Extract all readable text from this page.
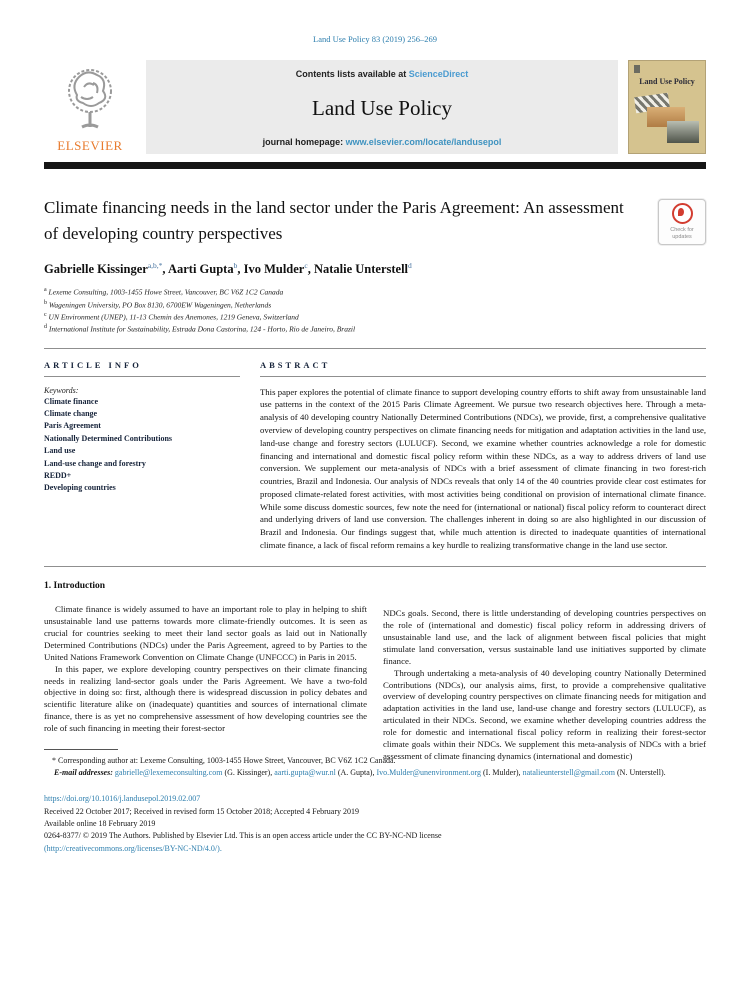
Land Use Policy 83 (2019) 256–269
ELSEVIER
Contents lists available at ScienceDirect
Land Use Policy
journal homepage: www.elsevier.com/locate/landusepol
Land Use Policy
Climate financing needs in the land sector under the Paris Agreement: An assessment of developing country perspectives	Check for updates
Gabrielle Kissinger$^{a,b,*}$, Aarti Gupta$^b$, Ivo Mulder$^c$, Natalie Unterstell$^d$
$^a$ Lexeme Consulting, 1003-1455 Howe Street, Vancouver, BC V6Z 1C2 Canada
$^b$ Wageningen University, PO Box 8130, 6700EW Wageningen, Netherlands
$^c$ UN Environment (UNEP), 11-13 Chemin des Anemones, 1219 Geneva, Switzerland
$^d$ International Institute for Sustainability, Estrada Dona Castorina, 124 - Horto, Rio de Janeiro, Brazil
ARTICLE INFO

Keywords:

Climate finance
Climate change
Paris Agreement
Nationally Determined Contributions
Land use
Land-use change and forestry
REDD+
Developing countries
ABSTRACT

This paper explores the potential of climate finance to support developing country efforts to shift away from unsustainable land use patterns in the context of the 2015 Paris Climate Agreement. We pursue two research objectives here. Through a meta-analysis of 40 developing country Nationally Determined Contributions (NDCs), we provide, first, a comprehensive qualitative overview of developing country perspectives on climate financing needs for mitigation and adaptation activities in the land use, land-use change and forestry sectors (LULUCF). Second, we examine whether countries acknowledge a role for domestic financing and international and domestic fiscal policy reform within these NDCs, as a way to address drivers of land use conversion. We supplement our meta-analysis of NDCs with a brief assessment of climate financing in two forest-rich countries, Brazil and Indonesia. Our analysis of NDCs reveals that only 14 of the 40 countries provide clear cost estimates for proposed climate-related forest activities, with most activities being conditional on provision of international climate finance. While some discuss domestic sources, few note the need for (international or national) fiscal policy reform to counteract direct and underlying drivers of land use conversion. The challenges inherent in doing so are also highlighted in our discussion of Brazil and Indonesia. Our findings suggest that, while much attention is directed to inadequate quantities of international climate finance, a lack of fiscal reform remains a key hurdle to realizing transformative change in the land use sector.

1. Introduction

Climate finance is widely assumed to have an important role to play in helping to shift unsustainable land use patterns towards more climate-friendly outcomes. It is seen as crucial for countries seeking to meet their land sector goals as laid out in Nationally Determined Contributions (NDCs) under the Paris Agreement, agreed to by Parties to the United Nations Framework Convention on Climate Change (UNFCCC) in Paris in 2015.

In this paper, we explore developing country perspectives on their climate financing needs in realizing land-sector goals under the Paris Agreement. We have a two-fold objective in doing so: first, although there is widespread discussion in policy debates and scientific literature alike on (inadequate) quantities and sources of international climate finance, there is as yet no comprehensive assessment of how developing countries see the role of such financing in meeting their forest-sector

* Corresponding author at: Lexeme Consulting, 1003-1455 Howe Street, Vancouver, BC V6Z 1C2 Canada.

E-mail addresses: gabrielle@lexemeconsulting.com (G. Kissinger), aarti.gupta@wur.nl (A. Gupta), Ivo.Mulder@unenvironment.org (I. Mulder), natalieunterstell@gmail.com (N. Unterstell).

https://doi.org/10.1016/j.landusepol.2019.02.007
Received 22 October 2017; Received in revised form 15 October 2018; Accepted 4 February 2019
Available online 18 February 2019
0264-8377/ © 2019 The Authors. Published by Elsevier Ltd. This is an open access article under the CC BY-NC-ND license
(http://creativecommons.org/licenses/BY-NC-ND/4.0/).

NDCs goals. Second, there is little understanding of developing countries perspectives on the role of (international and domestic) fiscal policy reform in addressing drivers of unsustainable land use, and the lack of alignment between fiscal policies that might stimulate land conversation, versus sustainable land use initiatives supported by climate finance.

Through undertaking a meta-analysis of 40 developing country Nationally Determined Contributions (NDCs), our analysis aims, first, to provide a comprehensive qualitative overview of developing country perspectives on climate financing needs for mitigation and adaptation activities in the land use, land-use change and forestry sectors (LULUCF), as articulated in their NDCs. Second, we examine whether developing countries address the role for domestic and international fiscal policy reform in realizing their forest-sector climate goals within their NDCs. We supplement this meta-analysis of NDCs with a brief assessment of climate financing dynamics (international and domestic)
